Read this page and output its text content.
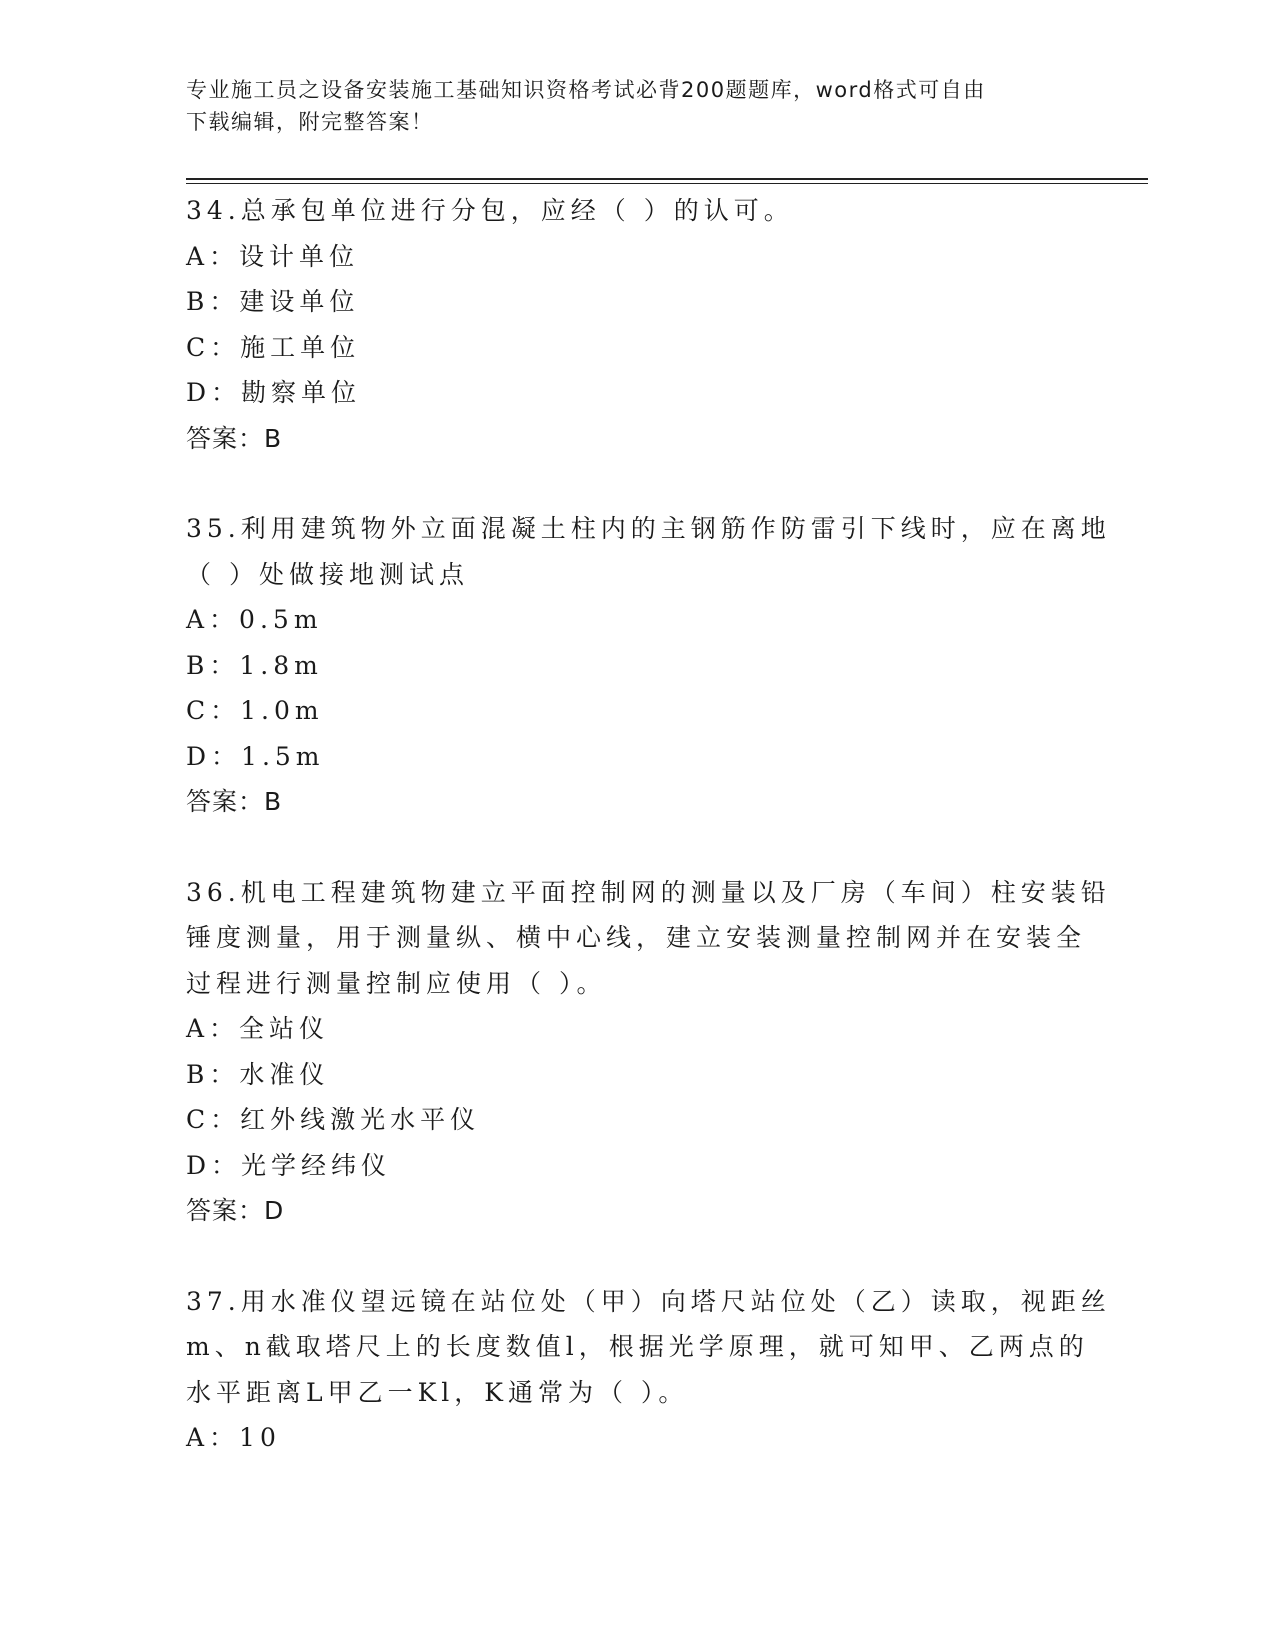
专业施工员之设备安装施工基础知识资格考试必背200题题库，word格式可自由
下载编辑，附完整答案！
34.总承包单位进行分包，应经（ ）的认可。
A：设计单位
B：建设单位
C：施工单位
D：勘察单位
答案：B
35.利用建筑物外立面混凝土柱内的主钢筋作防雷引下线时，应在离地
（ ）处做接地测试点
A：0.5m
B：1.8m
C：1.0m
D：1.5m
答案：B
36.机电工程建筑物建立平面控制网的测量以及厂房（车间）柱安装铅
锤度测量，用于测量纵、横中心线，建立安装测量控制网并在安装全
过程进行测量控制应使用（ ）。
A：全站仪
B：水准仪
C：红外线激光水平仪
D：光学经纬仪
答案：D
37.用水准仪望远镜在站位处（甲）向塔尺站位处（乙）读取，视距丝
m、n截取塔尺上的长度数值l，根据光学原理，就可知甲、乙两点的
水平距离L甲乙一Kl，K通常为（ ）。
A：10
